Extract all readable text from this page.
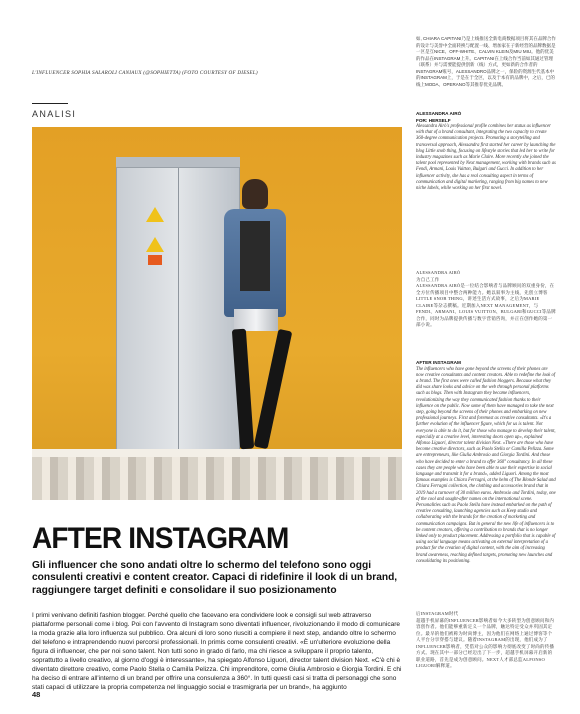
L'INFLUENCER SOPHIA SALAROLI CANIAUX (@SOPHIETTA) (FOTO COURTESY OF DIESEL)
ANALISI
AFTER INSTAGRAM
Gli influencer che sono andati oltre lo schermo del telefono sono oggi consulenti creativi e content creator. Capaci di ridefinire il look di un brand, raggiungere target definiti e consolidare il suo posizionamento
I primi venivano definiti fashion blogger. Perché quello che facevano era condividere look e consigli sul web attraverso piattaforme personali come i blog. Poi con l'avvento di Instagram sono diventati influencer, rivoluzionando il modo di comunicare la moda grazie alla loro influenza sul pubblico. Ora alcuni di loro sono riusciti a compiere il next step, andando oltre lo schermo del telefono e intraprendendo nuovi percorsi professionali. In primis come consulenti creativi. «È un'ulteriore evoluzione della figura di influencer, che per noi sono talent. Non tutti sono in grado di farlo, ma chi riesce a sviluppare il proprio talento, soprattutto a livello creativo, al giorno d'oggi è interessante», ha spiegato Alfonso Liguori, director talent division Next. «C'è chi è diventato direttore creativo, come Paolo Stella o Camilla Pelizza. Chi imprenditore, come Giulia Ambrosio e Giorgia Tordini. E chi ha deciso di entrare all'interno di un brand per offrire una consulenza a 360°. In tutti questi casi si tratta di personaggi che sono stati capaci di utilizzare la propria competenza nel linguaggio social e trasmigrarla per un brand», ha aggiunto
48

如, CHIARA CAPITANI乃是上线推送全新电商数据项目将其在品牌合作的设计与美誉中全面转换与配置一线、增加家在子新经营的品牌数据是一区是互NICE、OFF-WHITE、CALVIN KLEIN及MIU MIU。他的优美的作品在INSTAGRAM上升。CAPITANI在上线合作当前如其通过管理（联系）并与需要能提供创新（线）方式，更如新的合作者的INSTAGRAM账号，ALESSANDRO品牌之一，保险的资源生代基本中的INSTAGRAM上，于是在于全区，以及于本有的品牌中，之后，已的线上MODA、OPERANO等其推荐优先品牌。

ALESSANDRA AIRÒ
FOR: HERSELF

Alessandra Airò's professional profile combines her status as influencer with that of a brand consultant, integrating the two capacity to create 360-degree communication projects. Promoting a storytelling and transversal approach, Alessandra first started her career by launching the blog Little snob thing, focusing on lifestyle stories that led her to write for industry magazines such as Marie Claire. More recently she joined the talent pool represented by Next management, working with brands such as Fendi, Armani, Louis Vuitton, Bulgari and Gucci. In addition to her influencer activity, she has a real consulting aspect in terms of communication and digital marketing, ranging from big names to new niche labels, while working on her first novel.

ALESSANDRA AIRÒ
为自己工作

ALESSANDRA AIRÒ是一位结合影响者与品牌顾问的双重身份，在全方位传播项目中整合两种能力。她以叙事为主线，先创立博客LITTLE SNOB THING，讲述生活方式故事，之后为MARIE CLAIRE等杂志撰稿。近期加入NEXT MANAGEMENT，与FENDI、ARMANI、LOUIS VUITTON、BULGARI和GUCCI等品牌合作，同时为品牌提供传播与数字营销咨询，并正在创作她的第一部小说。

AFTER INSTAGRAM

The influencers who have gone beyond the screens of their phones are now creative consultants and content creators. Able to redefine the look of a brand. The first ones were called fashion bloggers. Because what they did was share looks and advice on the web through personal platforms such as blogs. Then with Instagram they became influencers, revolutionizing the way they communicated fashion thanks to their influence on the public. Now some of them have managed to take the next step, going beyond the screens of their phones and embarking on new professional journeys. First and foremost as creative consultants. «It's a further evolution of the influencer figure, which for us is talent. Not everyone is able to do it, but for those who manage to develop their talent, especially at a creative level, interesting doors open up», explained Alfonso Liguori, director talent division Next. «There are those who have become creative directors, such as Paolo Stella or Camilla Pelizza. Some are entrepreneurs, like Giulia Ambrosio and Giorgia Tordini. And those who have decided to enter a brand to offer 360° consultancy. In all these cases they are people who have been able to use their expertise in social language and transmit it for a brand», added Liguori. Among the most famous examples is Chiara Ferragni, at the helm of The Blonde Salad and Chiara Ferragni collection, the clothing and accessories brand that in 2019 had a turnover of 30 million euros. Ambrosio and Tordini, today, one of the cool and sought-after names on the international scene. Personalities such as Paolo Stella have instead embarked on the path of creative consulting, launching agencies such as Keep studio and collaborating with the brands for the creation of marketing and communication campaigns. But in general the new life of influencers is to be content creators, offering a contribution to brands that is no longer linked only to product placement. Addressing a portfolio that is capable of using social language means activating an external interpretation of a product for the creation of digital content, with the aim of increasing brand awareness, reaching defined targets, promoting new launches and consolidating its positioning.

后INSTAGRAM时代

超越手机屏幕的INFLUENCER影响者如今大多转型为创意顾问和内容创作者。他们能够重新定义一个品牌，触达特定受众并巩固其定位。最早的他们被称为时尚博主，因为他们在网络上通过博客等个人平台分享穿搭与建议。随着INSTAGRAM的出现，他们成为了INFLUENCER影响者，凭借对公众的影响力彻底改变了时尚的传播方式。现在其中一部分已经迈出了下一步，超越手机屏幕开启新的职业道路，首先是成为创意顾问。NEXT人才部总监ALFONSO LIGUORI解释道。
